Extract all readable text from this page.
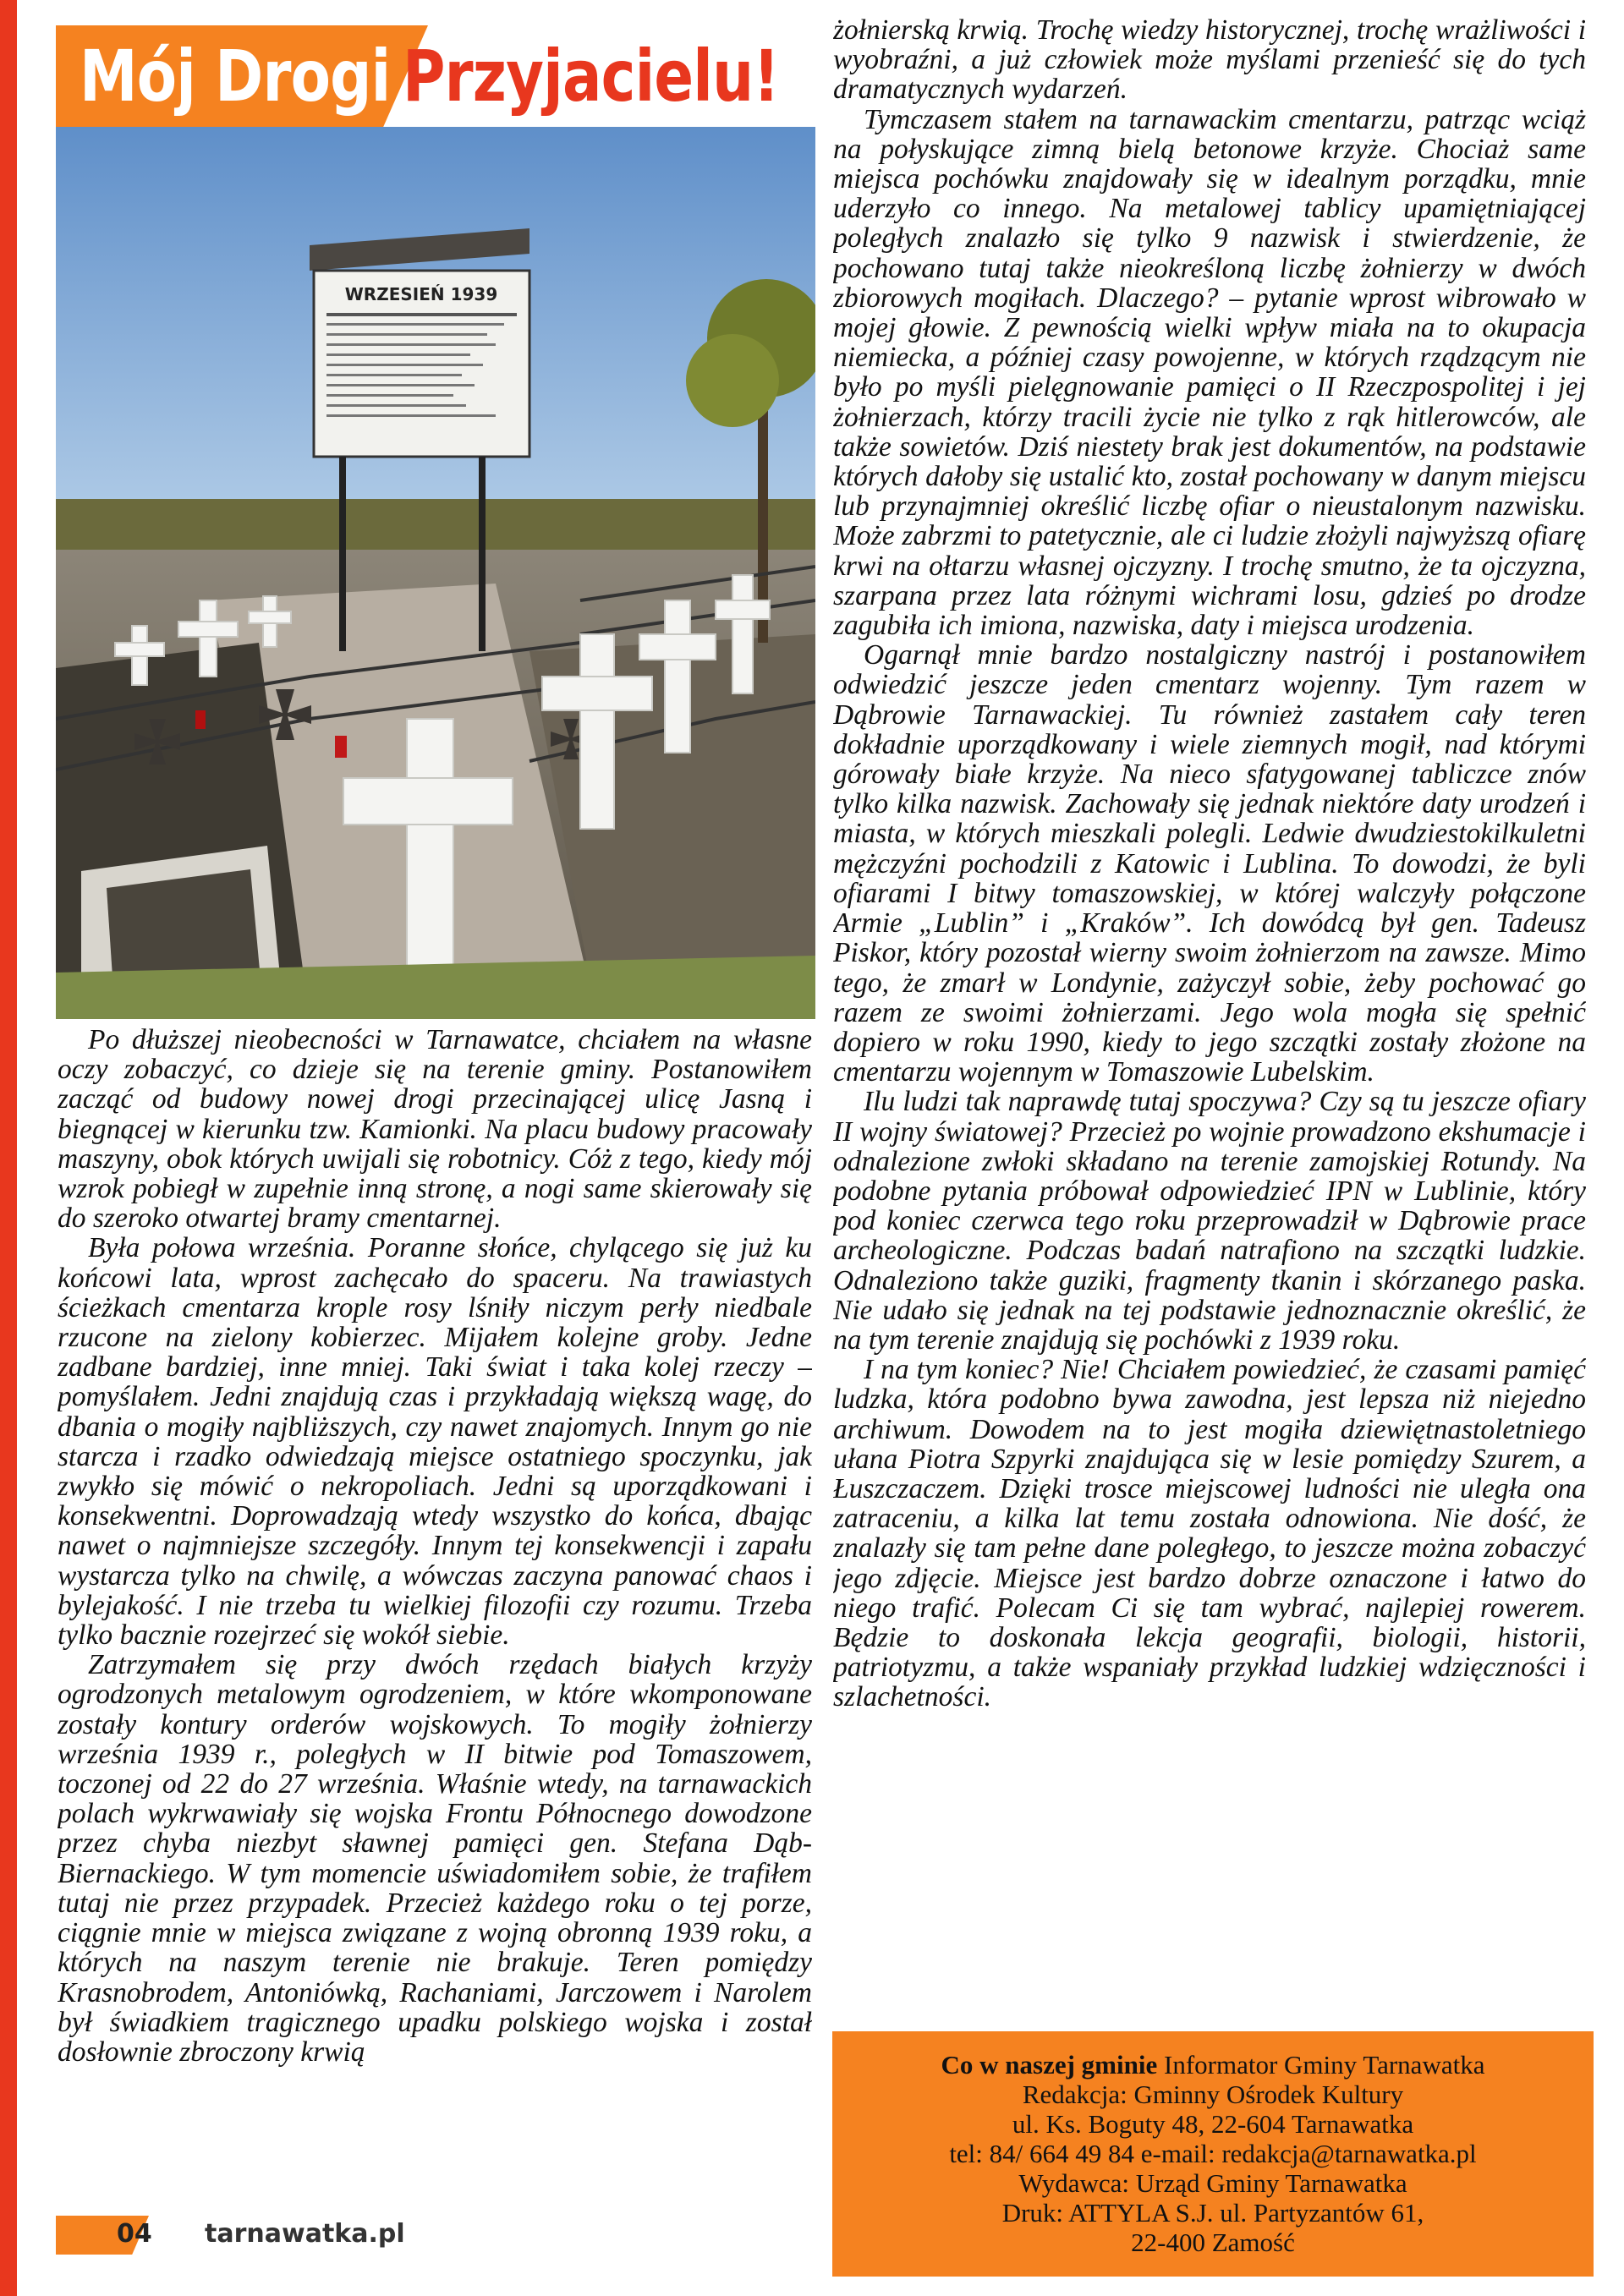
Mój Drogi Przyjacielu!
WRZESIEŃ 1939

Po dłuższej nieobecności w Tarnawatce, chciałem na własne oczy zobaczyć, co dzieje się na terenie gminy. Postanowiłem zacząć od budowy nowej drogi przecinającej ulicę Jasną i biegnącej w kierunku tzw. Kamionki. Na placu budowy pracowały maszyny, obok których uwijali się robotnicy. Cóż z tego, kiedy mój wzrok pobiegł w zupełnie inną stronę, a nogi same skierowały się do szeroko otwartej bramy cmentarnej.

Była połowa września. Poranne słońce, chylącego się już ku końcowi lata, wprost zachęcało do spaceru. Na trawiastych ścieżkach cmentarza krople rosy lśniły niczym perły niedbale rzucone na zielony kobierzec. Mijałem kolejne groby. Jedne zadbane bardziej, inne mniej. Taki świat i taka kolej rzeczy – pomyślałem. Jedni znajdują czas i przykładają większą wagę, do dbania o mogiły najbliższych, czy nawet znajomych. Innym go nie starcza i rzadko odwiedzają miejsce ostatniego spoczynku, jak zwykło się mówić o nekropoliach. Jedni są uporządkowani i konsekwentni. Doprowadzają wtedy wszystko do końca, dbając nawet o najmniejsze szczegóły. Innym tej konsekwencji i zapału wystarcza tylko na chwilę, a wówczas zaczyna panować chaos i bylejakość. I nie trzeba tu wielkiej filozofii czy rozumu. Trzeba tylko bacznie rozejrzeć się wokół siebie.

Zatrzymałem się przy dwóch rzędach białych krzyży ogrodzonych metalowym ogrodzeniem, w które wkomponowane zostały kontury orderów wojskowych. To mogiły żołnierzy września 1939 r., poległych w II bitwie pod Tomaszowem, toczonej od 22 do 27 września. Właśnie wtedy, na tarnawackich polach wykrwawiały się wojska Frontu Północnego dowodzone przez chyba niezbyt sławnej pamięci gen. Stefana Dąb-Biernackiego. W tym momencie uświadomiłem sobie, że trafiłem tutaj nie przez przypadek. Przecież każdego roku o tej porze, ciągnie mnie w miejsca związane z wojną obronną 1939 roku, a których na naszym terenie nie brakuje. Teren pomiędzy Krasnobrodem, Antoniówką, Rachaniami, Jarczowem i Narolem był świadkiem tragicznego upadku polskiego wojska i został dosłownie zbroczony krwią

żołnierską krwią. Trochę wiedzy historycznej, trochę wrażliwości i wyobraźni, a już człowiek może myślami przenieść się do tych dramatycznych wydarzeń.

Tymczasem stałem na tarnawackim cmentarzu, patrząc wciąż na połyskujące zimną bielą betonowe krzyże. Chociaż same miejsca pochówku znajdowały się w idealnym porządku, mnie uderzyło co innego. Na metalowej tablicy upamiętniającej poległych znalazło się tylko 9 nazwisk i stwierdzenie, że pochowano tutaj także nieokreśloną liczbę żołnierzy w dwóch zbiorowych mogiłach. Dlaczego? – pytanie wprost wibrowało w mojej głowie. Z pewnością wielki wpływ miała na to okupacja niemiecka, a później czasy powojenne, w których rządzącym nie było po myśli pielęgnowanie pamięci o II Rzeczpospolitej i jej żołnierzach, którzy tracili życie nie tylko z rąk hitlerowców, ale także sowietów. Dziś niestety brak jest dokumentów, na podstawie których dałoby się ustalić kto, został pochowany w danym miejscu lub przynajmniej określić liczbę ofiar o nieustalonym nazwisku. Może zabrzmi to patetycznie, ale ci ludzie złożyli najwyższą ofiarę krwi na ołtarzu własnej ojczyzny. I trochę smutno, że ta ojczyzna, szarpana przez lata różnymi wichrami losu, gdzieś po drodze zagubiła ich imiona, nazwiska, daty i miejsca urodzenia.

Ogarnął mnie bardzo nostalgiczny nastrój i postanowiłem odwiedzić jeszcze jeden cmentarz wojenny. Tym razem w Dąbrowie Tarnawackiej. Tu również zastałem cały teren dokładnie uporządkowany i wiele ziemnych mogił, nad którymi górowały białe krzyże. Na nieco sfatygowanej tabliczce znów tylko kilka nazwisk. Zachowały się jednak niektóre daty urodzeń i miasta, w których mieszkali polegli. Ledwie dwudziestokilkuletni mężczyźni pochodzili z Katowic i Lublina. To dowodzi, że byli ofiarami I bitwy tomaszowskiej, w której walczyły połączone Armie „Lublin” i „Kraków”. Ich dowódcą był gen. Tadeusz Piskor, który pozostał wierny swoim żołnierzom na zawsze. Mimo tego, że zmarł w Londynie, zażyczył sobie, żeby pochować go razem ze swoimi żołnierzami. Jego wola mogła się spełnić dopiero w roku 1990, kiedy to jego szczątki zostały złożone na cmentarzu wojennym w Tomaszowie Lubelskim.

Ilu ludzi tak naprawdę tutaj spoczywa? Czy są tu jeszcze ofiary II wojny światowej? Przecież po wojnie prowadzono ekshumacje i odnalezione zwłoki składano na terenie zamojskiej Rotundy. Na podobne pytania próbował odpowiedzieć IPN w Lublinie, który pod koniec czerwca tego roku przeprowadził w Dąbrowie prace archeologiczne. Podczas badań natrafiono na szczątki ludzkie. Odnaleziono także guziki, fragmenty tkanin i skórzanego paska. Nie udało się jednak na tej podstawie jednoznacznie określić, że na tym terenie znajdują się pochówki z 1939 roku.

I na tym koniec? Nie! Chciałem powiedzieć, że czasami pamięć ludzka, która podobno bywa zawodna, jest lepsza niż niejedno archiwum. Dowodem na to jest mogiła dziewiętnastoletniego ułana Piotra Szpyrki znajdująca się w lesie pomiędzy Szurem, a Łuszczaczem. Dzięki trosce miejscowej ludności nie uległa ona zatraceniu, a kilka lat temu została odnowiona. Nie dość, że znalazły się tam pełne dane poległego, to jeszcze można zobaczyć jego zdjęcie. Miejsce jest bardzo dobrze oznaczone i łatwo do niego trafić. Polecam Ci się tam wybrać, najlepiej rowerem. Będzie to doskonała lekcja geografii, biologii, historii, patriotyzmu, a także wspaniały przykład ludzkiej wdzięczności i szlachetności.

Co w naszej gminie Informator Gminy Tarnawatka
Redakcja: Gminny Ośrodek Kultury
ul. Ks. Boguty 48, 22-604 Tarnawatka
tel: 84/ 664 49 84 e-mail: redakcja@tarnawatka.pl
Wydawca: Urząd Gminy Tarnawatka
Druk: ATTYLA S.J. ul. Partyzantów 61,
22-400 Zamość
04 tarnawatka.pl
